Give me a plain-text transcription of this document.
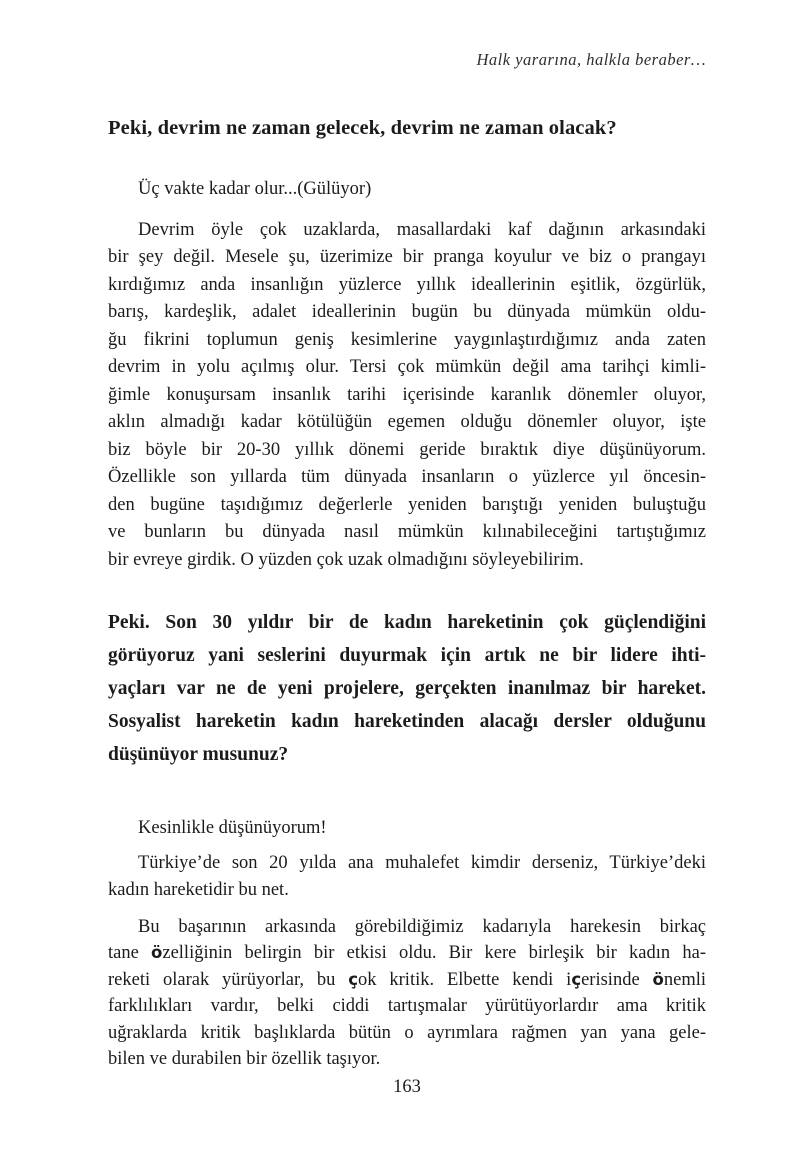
Halk yararına, halkla beraber…
Peki, devrim ne zaman gelecek, devrim ne zaman olacak?
Üç vakte kadar olur...(Gülüyor)
Devrim öyle çok uzaklarda, masallardaki kaf dağının arkasındaki
bir şey değil. Mesele şu, üzerimize bir pranga koyulur ve biz o prangayı
kırdığımız anda insanlığın yüzlerce yıllık ideallerinin eşitlik, özgürlük,
barış, kardeşlik, adalet ideallerinin bugün bu dünyada mümkün oldu-
ğu fikrini toplumun geniş kesimlerine yaygınlaştırdığımız anda zaten
devrim in yolu açılmış olur. Tersi çok mümkün değil ama tarihçi kimli-
ğimle konuşursam insanlık tarihi içerisinde karanlık dönemler oluyor,
aklın almadığı kadar kötülüğün egemen olduğu dönemler oluyor, işte
biz böyle bir 20-30 yıllık dönemi geride bıraktık diye düşünüyorum.
Özellikle son yıllarda tüm dünyada insanların o yüzlerce yıl öncesin-
den bugüne taşıdığımız değerlerle yeniden barıştığı yeniden buluştuğu
ve bunların bu dünyada nasıl mümkün kılınabileceğini tartıştığımız
bir evreye girdik. O yüzden çok uzak olmadığını söyleyebilirim.
Peki. Son 30 yıldır bir de kadın hareketinin çok güçlendiğini
görüyoruz yani seslerini duyurmak için artık ne bir lidere ihti-
yaçları var ne de yeni projelere, gerçekten inanılmaz bir hareket.
Sosyalist hareketin kadın hareketinden alacağı dersler olduğunu
düşünüyor musunuz?
Kesinlikle düşünüyorum!
Türkiye’de son 20 yılda ana muhalefet kimdir derseniz, Türkiye’deki
kadın hareketidir bu net.
Bu başarının arkasında görebildiğimiz kadarıyla harekesin birkaç
tane özelliğinin belirgin bir etkisi oldu. Bir kere birleşik bir kadın ha-
reketi olarak yürüyorlar, bu çok kritik. Elbette kendi içerisinde önemli
farklılıkları vardır, belki ciddi tartışmalar yürütüyorlardır ama kritik
uğraklarda kritik başlıklarda bütün o ayrımlara rağmen yan yana gele-
bilen ve durabilen bir özellik taşıyor.
163
